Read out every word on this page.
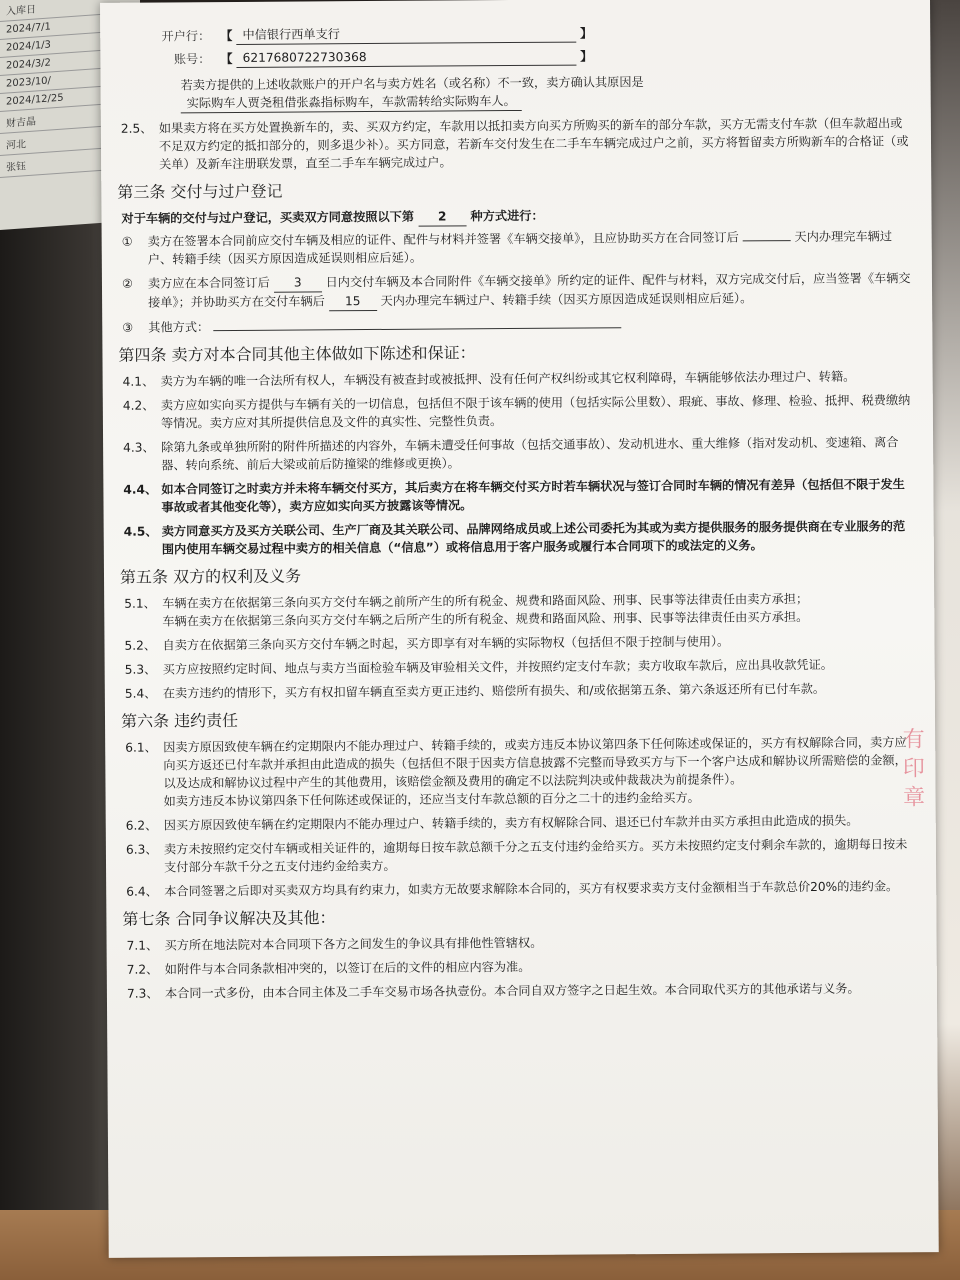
入库日
2024/7/1
2024/1/3
2024/3/2
2023/10/
2024/12/25
财吉晶
河北
张钰
有 印 章
开户行： 【 中信银行西单支行	】
账号： 【 6217680722730368	】
若卖方提供的上述收款账户的开户名与卖方姓名（或名称）不一致，卖方确认其原因是
实际购车人贾尧租借张淼指标购车，车款需转给实际购车人。
2.5、 如果卖方将在买方处置换新车的，卖、买双方约定，车款用以抵扣卖方向买方所购买的新车的部分车款，买方无需支付车款（但车款超出或不足双方约定的抵扣部分的，则多退少补）。买方同意，若新车交付发生在二手车车辆完成过户之前，买方将暂留卖方所购新车的合格证（或关单）及新车注册联发票，直至二手车车辆完成过户。
第三条 交付与过户登记
对于车辆的交付与过户登记，买卖双方同意按照以下第 2 种方式进行：
①	卖方在签署本合同前应交付车辆及相应的证件、配件与材料并签署《车辆交接单》，且应协助买方在合同签订后	天内办理完车辆过户、转籍手续（因买方原因造成延误则相应后延）。
②	卖方应在本合同签订后 3 日内交付车辆及本合同附件《车辆交接单》所约定的证件、配件与材料，双方完成交付后，应当签署《车辆交接单》；并协助买方在交付车辆后 15 天内办理完车辆过户、转籍手续（因买方原因造成延误则相应后延）。
③	其他方式：
第四条 卖方对本合同其他主体做如下陈述和保证：
4.1、 卖方为车辆的唯一合法所有权人，车辆没有被查封或被抵押、没有任何产权纠纷或其它权利障碍，车辆能够依法办理过户、转籍。
4.2、 卖方应如实向买方提供与车辆有关的一切信息，包括但不限于该车辆的使用（包括实际公里数）、瑕疵、事故、修理、检验、抵押、税费缴纳等情况。卖方应对其所提供信息及文件的真实性、完整性负责。
4.3、 除第九条或单独所附的附件所描述的内容外，车辆未遭受任何事故（包括交通事故）、发动机进水、重大维修（指对发动机、变速箱、离合器、转向系统、前后大梁或前后防撞梁的维修或更换）。
4.4、 如本合同签订之时卖方并未将车辆交付买方，其后卖方在将车辆交付买方时若车辆状况与签订合同时车辆的情况有差异（包括但不限于发生事故或者其他变化等），卖方应如实向买方披露该等情况。
4.5、 卖方同意买方及买方关联公司、生产厂商及其关联公司、品牌网络成员或上述公司委托为其或为卖方提供服务的服务提供商在专业服务的范围内使用车辆交易过程中卖方的相关信息（“信息”）或将信息用于客户服务或履行本合同项下的或法定的义务。
第五条 双方的权利及义务
5.1、 车辆在卖方在依据第三条向买方交付车辆之前所产生的所有税金、规费和路面风险、刑事、民事等法律责任由卖方承担；
车辆在卖方在依据第三条向买方交付车辆之后所产生的所有税金、规费和路面风险、刑事、民事等法律责任由买方承担。
5.2、 自卖方在依据第三条向买方交付车辆之时起，买方即享有对车辆的实际物权（包括但不限于控制与使用）。
5.3、 买方应按照约定时间、地点与卖方当面检验车辆及审验相关文件，并按照约定支付车款；卖方收取车款后，应出具收款凭证。
5.4、 在卖方违约的情形下，买方有权扣留车辆直至卖方更正违约、赔偿所有损失、和/或依据第五条、第六条返还所有已付车款。
第六条 违约责任
6.1、 因卖方原因致使车辆在约定期限内不能办理过户、转籍手续的，或卖方违反本协议第四条下任何陈述或保证的，买方有权解除合同，卖方应向买方返还已付车款并承担由此造成的损失（包括但不限于因卖方信息披露不完整而导致买方与下一个客户达成和解协议所需赔偿的金额，以及达成和解协议过程中产生的其他费用，该赔偿金额及费用的确定不以法院判决或仲裁裁决为前提条件）。
如卖方违反本协议第四条下任何陈述或保证的，还应当支付车款总额的百分之二十的违约金给买方。
6.2、 因买方原因致使车辆在约定期限内不能办理过户、转籍手续的，卖方有权解除合同、退还已付车款并由买方承担由此造成的损失。
6.3、 卖方未按照约定交付车辆或相关证件的，逾期每日按车款总额千分之五支付违约金给买方。买方未按照约定支付剩余车款的，逾期每日按未支付部分车款千分之五支付违约金给卖方。
6.4、 本合同签署之后即对买卖双方均具有约束力，如卖方无故要求解除本合同的，买方有权要求卖方支付金额相当于车款总价20%的违约金。
第七条 合同争议解决及其他：
7.1、 买方所在地法院对本合同项下各方之间发生的争议具有排他性管辖权。
7.2、 如附件与本合同条款相冲突的，以签订在后的文件的相应内容为准。
7.3、 本合同一式多份，由本合同主体及二手车交易市场各执壹份。本合同自双方签字之日起生效。本合同取代买方的其他承诺与义务。
